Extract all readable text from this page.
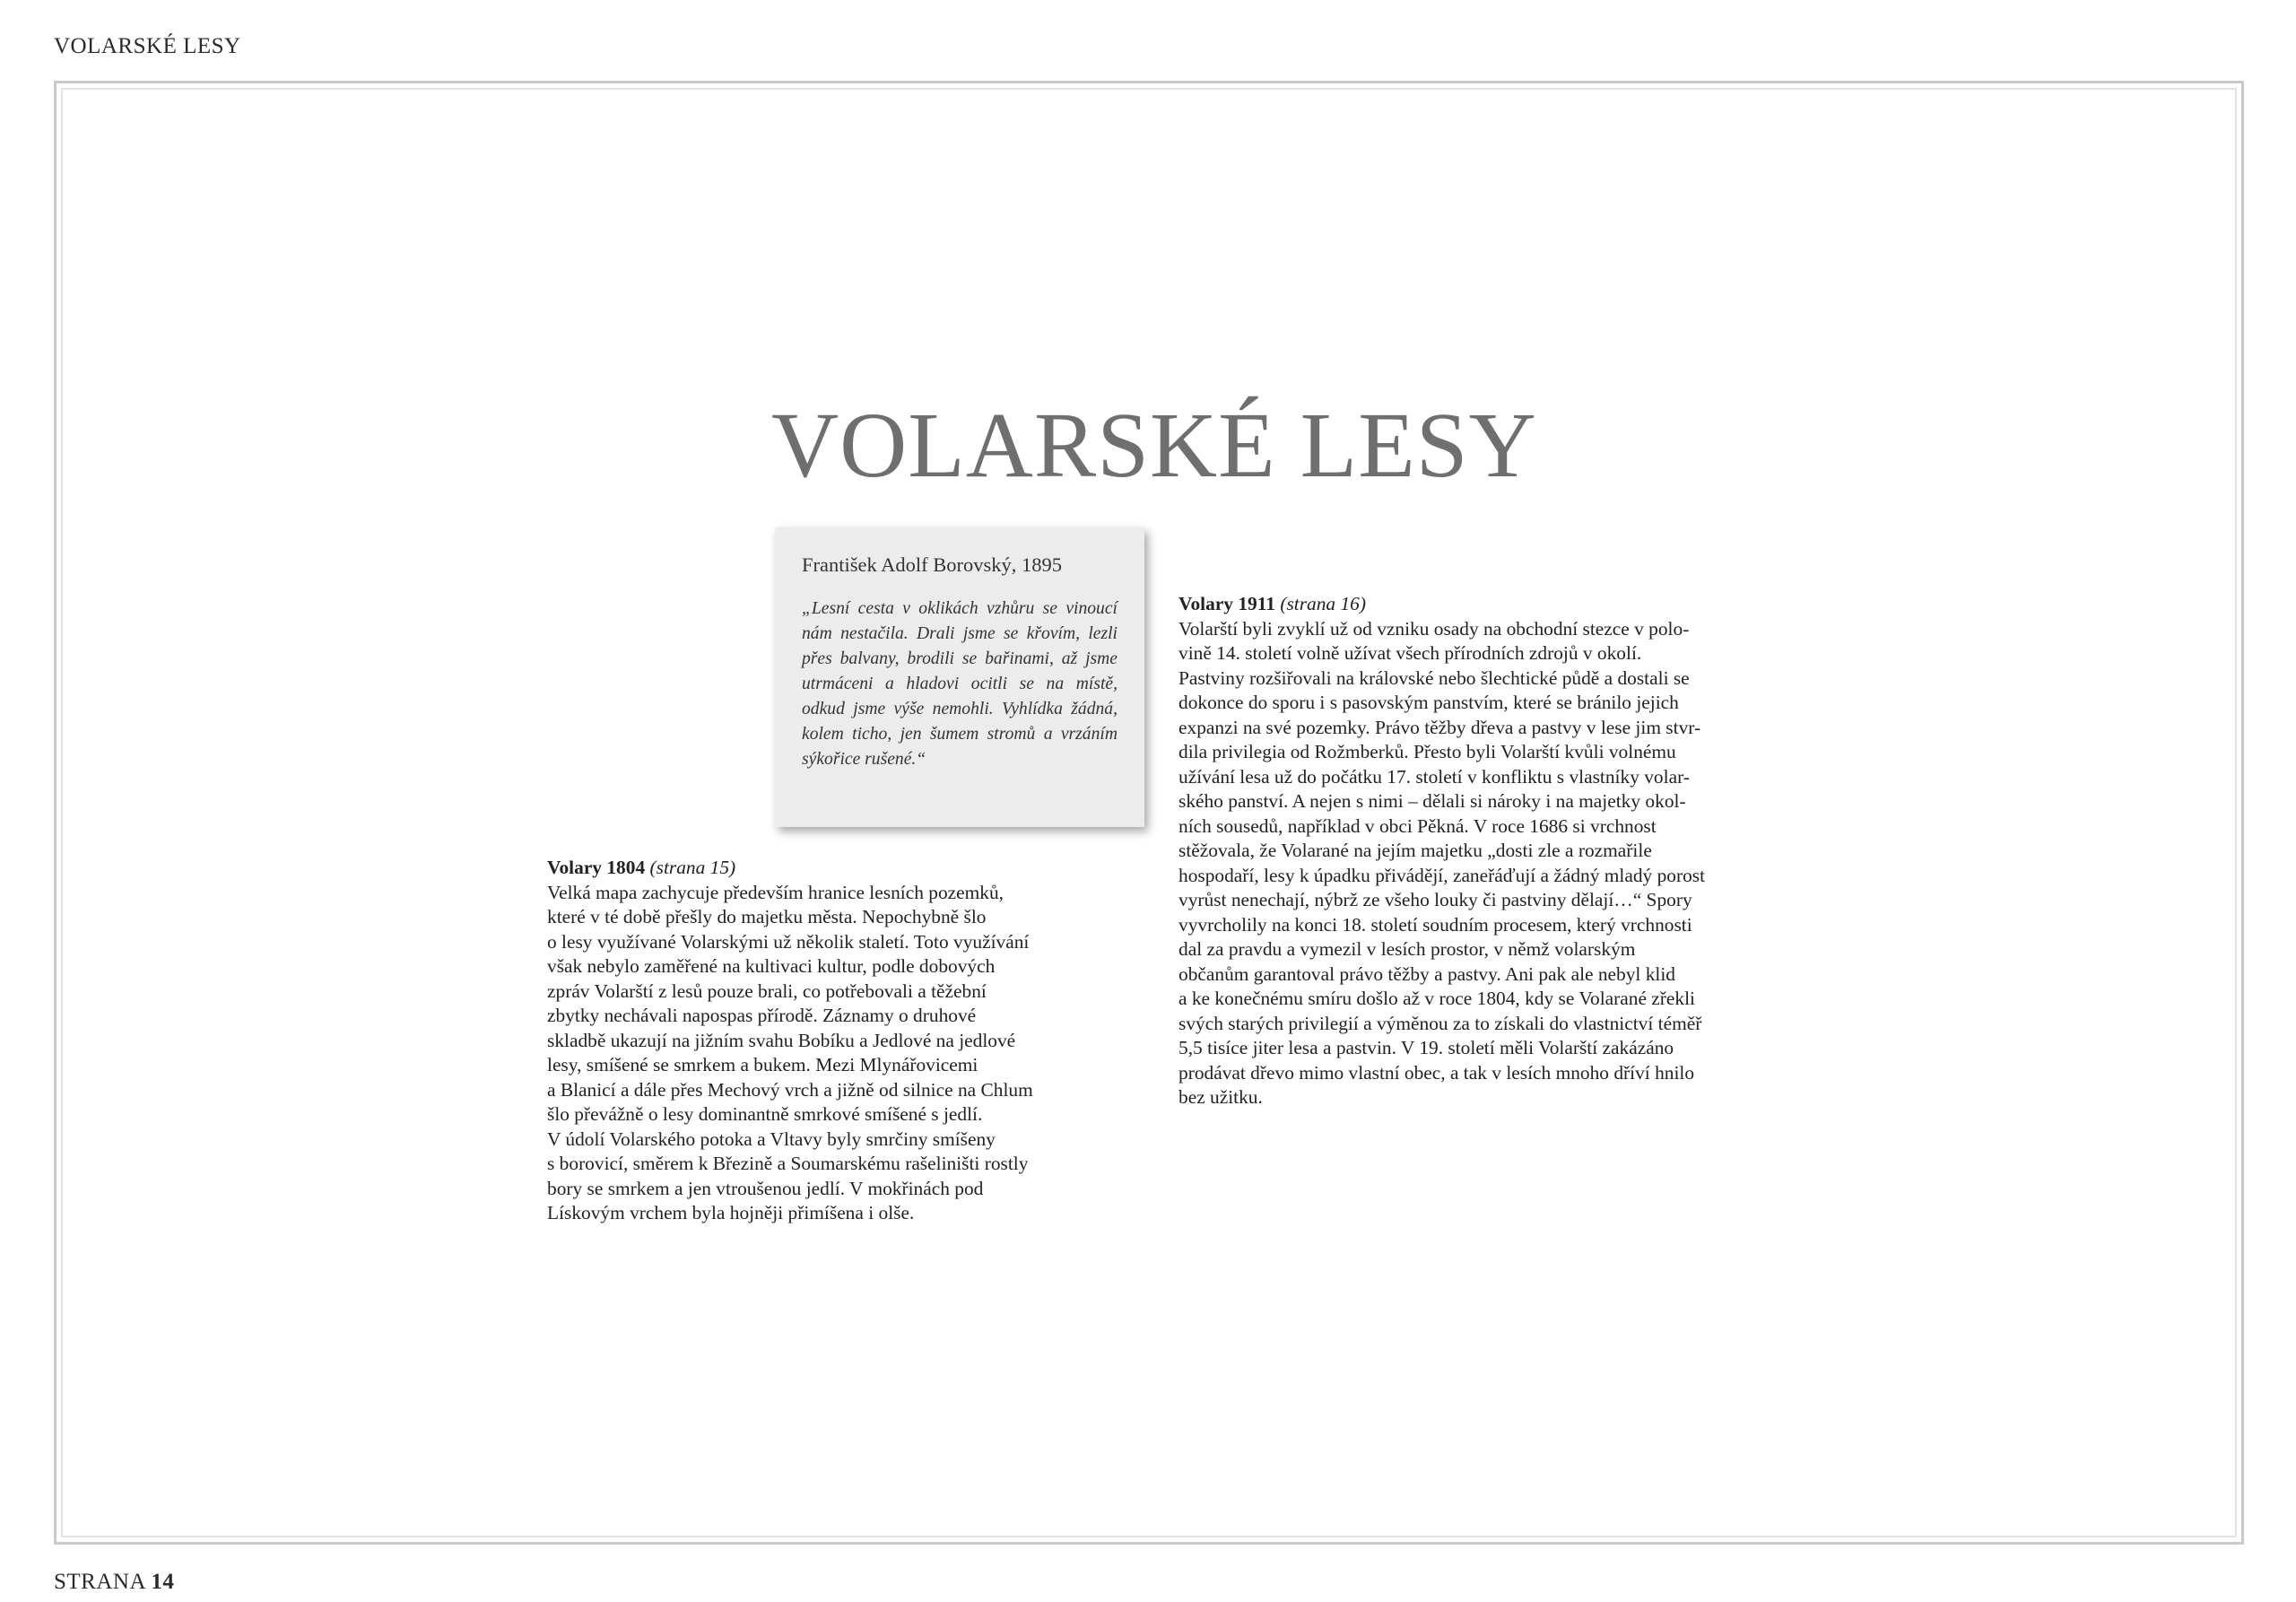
VOLARSKÉ LESY
VOLARSKÉ LESY
František Adolf Borovský, 1895
„Lesní cesta v oklikách vzhůru se vinoucí nám nestačila. Drali jsme se křovím, lezli přes balvany, brodili se bařinami, až jsme utrmáceni a hladovi ocitli se na místě, odkud jsme výše nemohli. Vyhlídka žádná, kolem ticho, jen šumem stromů a vrzáním sýkořice rušené.“
Volary 1804 (strana 15)
Velká mapa zachycuje především hranice lesních pozemků,
které v té době přešly do majetku města. Nepochybně šlo
o lesy využívané Volarskými už několik staletí. Toto využívání
však nebylo zaměřené na kultivaci kultur, podle dobových
zpráv Volarští z lesů pouze brali, co potřebovali a těžební
zbytky nechávali napospas přírodě. Záznamy o druhové
skladbě ukazují na jižním svahu Bobíku a Jedlové na jedlové
lesy, smíšené se smrkem a bukem. Mezi Mlynářovicemi
a Blanicí a dále přes Mechový vrch a jižně od silnice na Chlum
šlo převážně o lesy dominantně smrkové smíšené s jedlí.
V údolí Volarského potoka a Vltavy byly smrčiny smíšeny
s borovicí, směrem k Březině a Soumarskému rašeliništi rostly
bory se smrkem a jen vtroušenou jedlí. V mokřinách pod
Lískovým vrchem byla hojněji přimíšena i olše.
Volary 1911 (strana 16)
Volarští byli zvyklí už od vzniku osady na obchodní stezce v polo-
vině 14. století volně užívat všech přírodních zdrojů v okolí.
Pastviny rozšiřovali na královské nebo šlechtické půdě a dostali se
dokonce do sporu i s pasovským panstvím, které se bránilo jejich
expanzi na své pozemky. Právo těžby dřeva a pastvy v lese jim stvr-
dila privilegia od Rožmberků. Přesto byli Volarští kvůli volnému
užívání lesa už do počátku 17. století v konfliktu s vlastníky volar-
ského panství. A nejen s nimi – dělali si nároky i na majetky okol-
ních sousedů, například v obci Pěkná. V roce 1686 si vrchnost
stěžovala, že Volarané na jejím majetku „dosti zle a rozmařile
hospodaří, lesy k úpadku přivádějí, zaneřáďují a žádný mladý porost
vyrůst nenechají, nýbrž ze všeho louky či pastviny dělají…“ Spory
vyvrcholily na konci 18. století soudním procesem, který vrchnosti
dal za pravdu a vymezil v lesích prostor, v němž volarským
občanům garantoval právo těžby a pastvy. Ani pak ale nebyl klid
a ke konečnému smíru došlo až v roce 1804, kdy se Volarané zřekli
svých starých privilegií a výměnou za to získali do vlastnictví téměř
5,5 tisíce jiter lesa a pastvin. V 19. století měli Volarští zakázáno
prodávat dřevo mimo vlastní obec, a tak v lesích mnoho dříví hnilo
bez užitku.
STRANA 14
